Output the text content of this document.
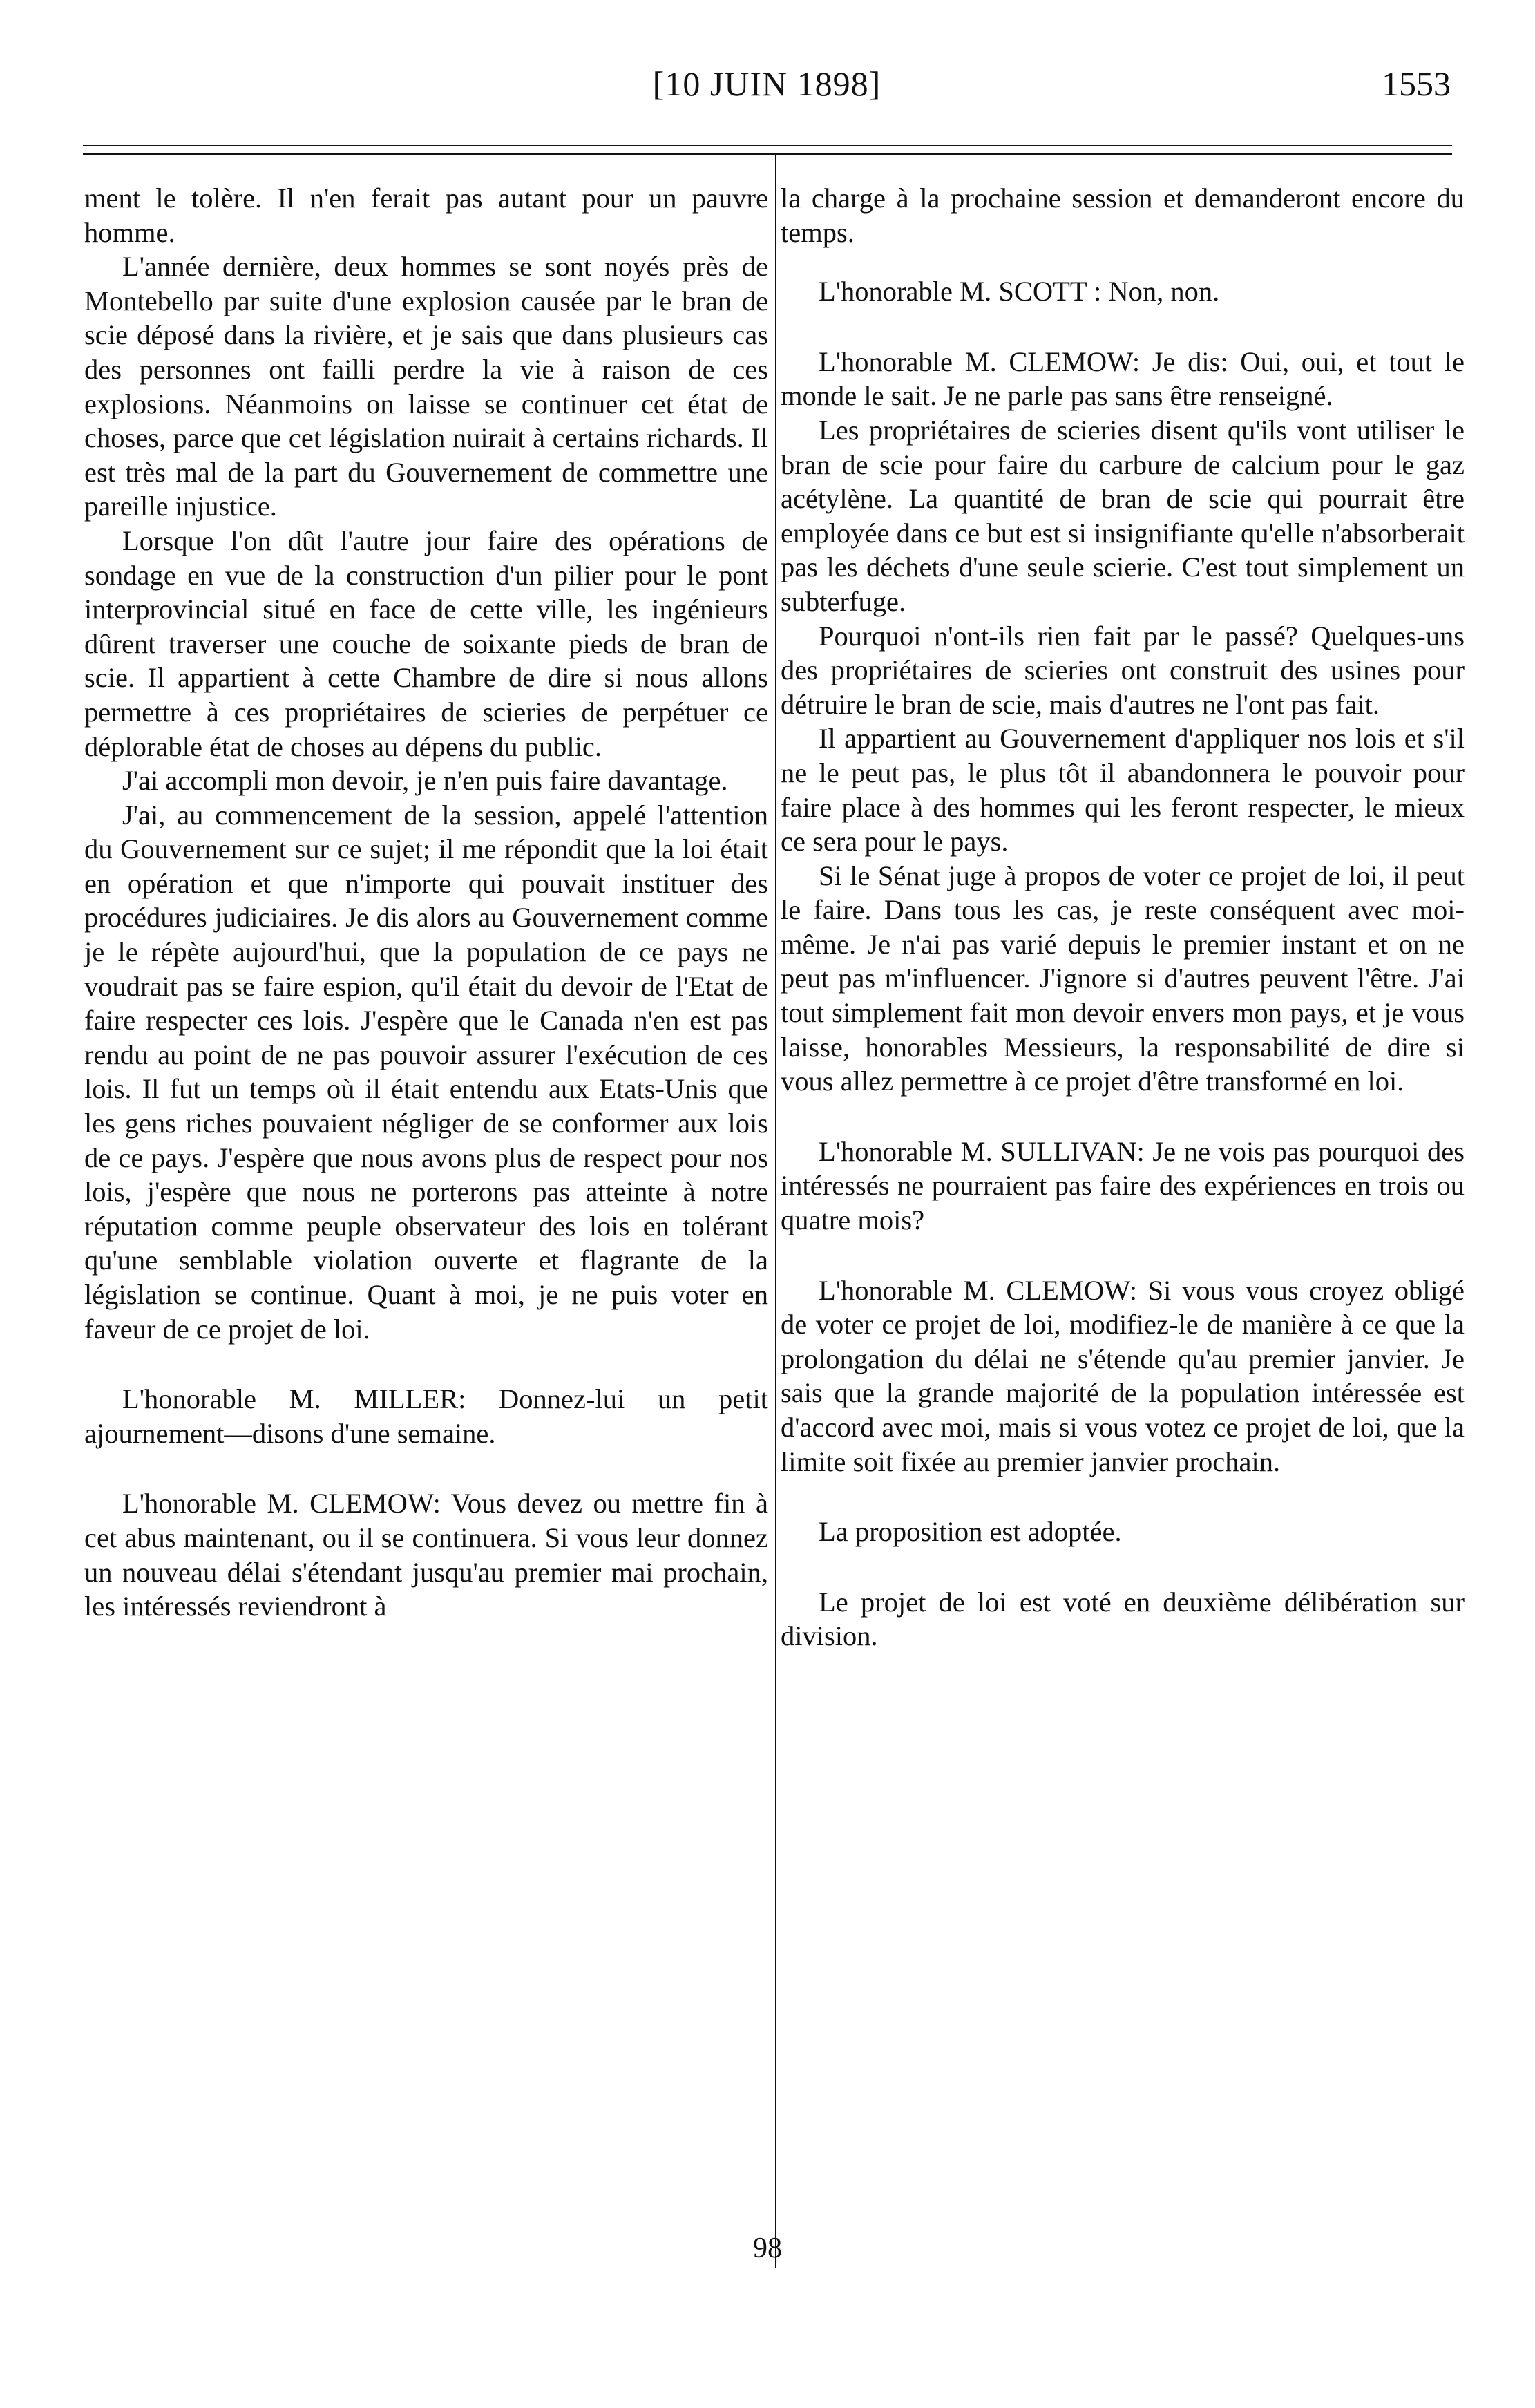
[10 JUIN 1898]	1553

ment le tolère. Il n'en ferait pas autant pour un pauvre homme.

L'année dernière, deux hommes se sont noyés près de Montebello par suite d'une explosion causée par le bran de scie déposé dans la rivière, et je sais que dans plusieurs cas des personnes ont failli perdre la vie à raison de ces explosions. Néanmoins on laisse se continuer cet état de choses, parce que cet législation nuirait à certains richards. Il est très mal de la part du Gouvernement de commettre une pareille injustice.

Lorsque l'on dût l'autre jour faire des opérations de sondage en vue de la construction d'un pilier pour le pont interprovincial situé en face de cette ville, les ingénieurs dûrent traverser une couche de soixante pieds de bran de scie. Il appartient à cette Chambre de dire si nous allons permettre à ces propriétaires de scieries de perpétuer ce déplorable état de choses au dépens du public.

J'ai accompli mon devoir, je n'en puis faire davantage.

J'ai, au commencement de la session, appelé l'attention du Gouvernement sur ce sujet; il me répondit que la loi était en opération et que n'importe qui pouvait instituer des procédures judiciaires. Je dis alors au Gouvernement comme je le répète aujourd'hui, que la population de ce pays ne voudrait pas se faire espion, qu'il était du devoir de l'Etat de faire respecter ces lois. J'espère que le Canada n'en est pas rendu au point de ne pas pouvoir assurer l'exécution de ces lois. Il fut un temps où il était entendu aux Etats-Unis que les gens riches pouvaient négliger de se conformer aux lois de ce pays. J'espère que nous avons plus de respect pour nos lois, j'espère que nous ne porterons pas atteinte à notre réputation comme peuple observateur des lois en tolérant qu'une semblable violation ouverte et flagrante de la législation se continue. Quant à moi, je ne puis voter en faveur de ce projet de loi.

L'honorable M. MILLER: Donnez-lui un petit ajournement—disons d'une semaine.

L'honorable M. CLEMOW: Vous devez ou mettre fin à cet abus maintenant, ou il se continuera. Si vous leur donnez un nouveau délai s'étendant jusqu'au premier mai prochain, les intéressés reviendront à

la charge à la prochaine session et demanderont encore du temps.

L'honorable M. SCOTT : Non, non.

L'honorable M. CLEMOW: Je dis: Oui, oui, et tout le monde le sait. Je ne parle pas sans être renseigné.

Les propriétaires de scieries disent qu'ils vont utiliser le bran de scie pour faire du carbure de calcium pour le gaz acétylène. La quantité de bran de scie qui pourrait être employée dans ce but est si insignifiante qu'elle n'absorberait pas les déchets d'une seule scierie. C'est tout simplement un subterfuge.

Pourquoi n'ont-ils rien fait par le passé? Quelques-uns des propriétaires de scieries ont construit des usines pour détruire le bran de scie, mais d'autres ne l'ont pas fait.

Il appartient au Gouvernement d'appliquer nos lois et s'il ne le peut pas, le plus tôt il abandonnera le pouvoir pour faire place à des hommes qui les feront respecter, le mieux ce sera pour le pays.

Si le Sénat juge à propos de voter ce projet de loi, il peut le faire. Dans tous les cas, je reste conséquent avec moi-même. Je n'ai pas varié depuis le premier instant et on ne peut pas m'influencer. J'ignore si d'autres peuvent l'être. J'ai tout simplement fait mon devoir envers mon pays, et je vous laisse, honorables Messieurs, la responsabilité de dire si vous allez permettre à ce projet d'être transformé en loi.

L'honorable M. SULLIVAN: Je ne vois pas pourquoi des intéressés ne pourraient pas faire des expériences en trois ou quatre mois?

L'honorable M. CLEMOW: Si vous vous croyez obligé de voter ce projet de loi, modifiez-le de manière à ce que la prolongation du délai ne s'étende qu'au premier janvier. Je sais que la grande majorité de la population intéressée est d'accord avec moi, mais si vous votez ce projet de loi, que la limite soit fixée au premier janvier prochain.

La proposition est adoptée.

Le projet de loi est voté en deuxième délibération sur division.

98
